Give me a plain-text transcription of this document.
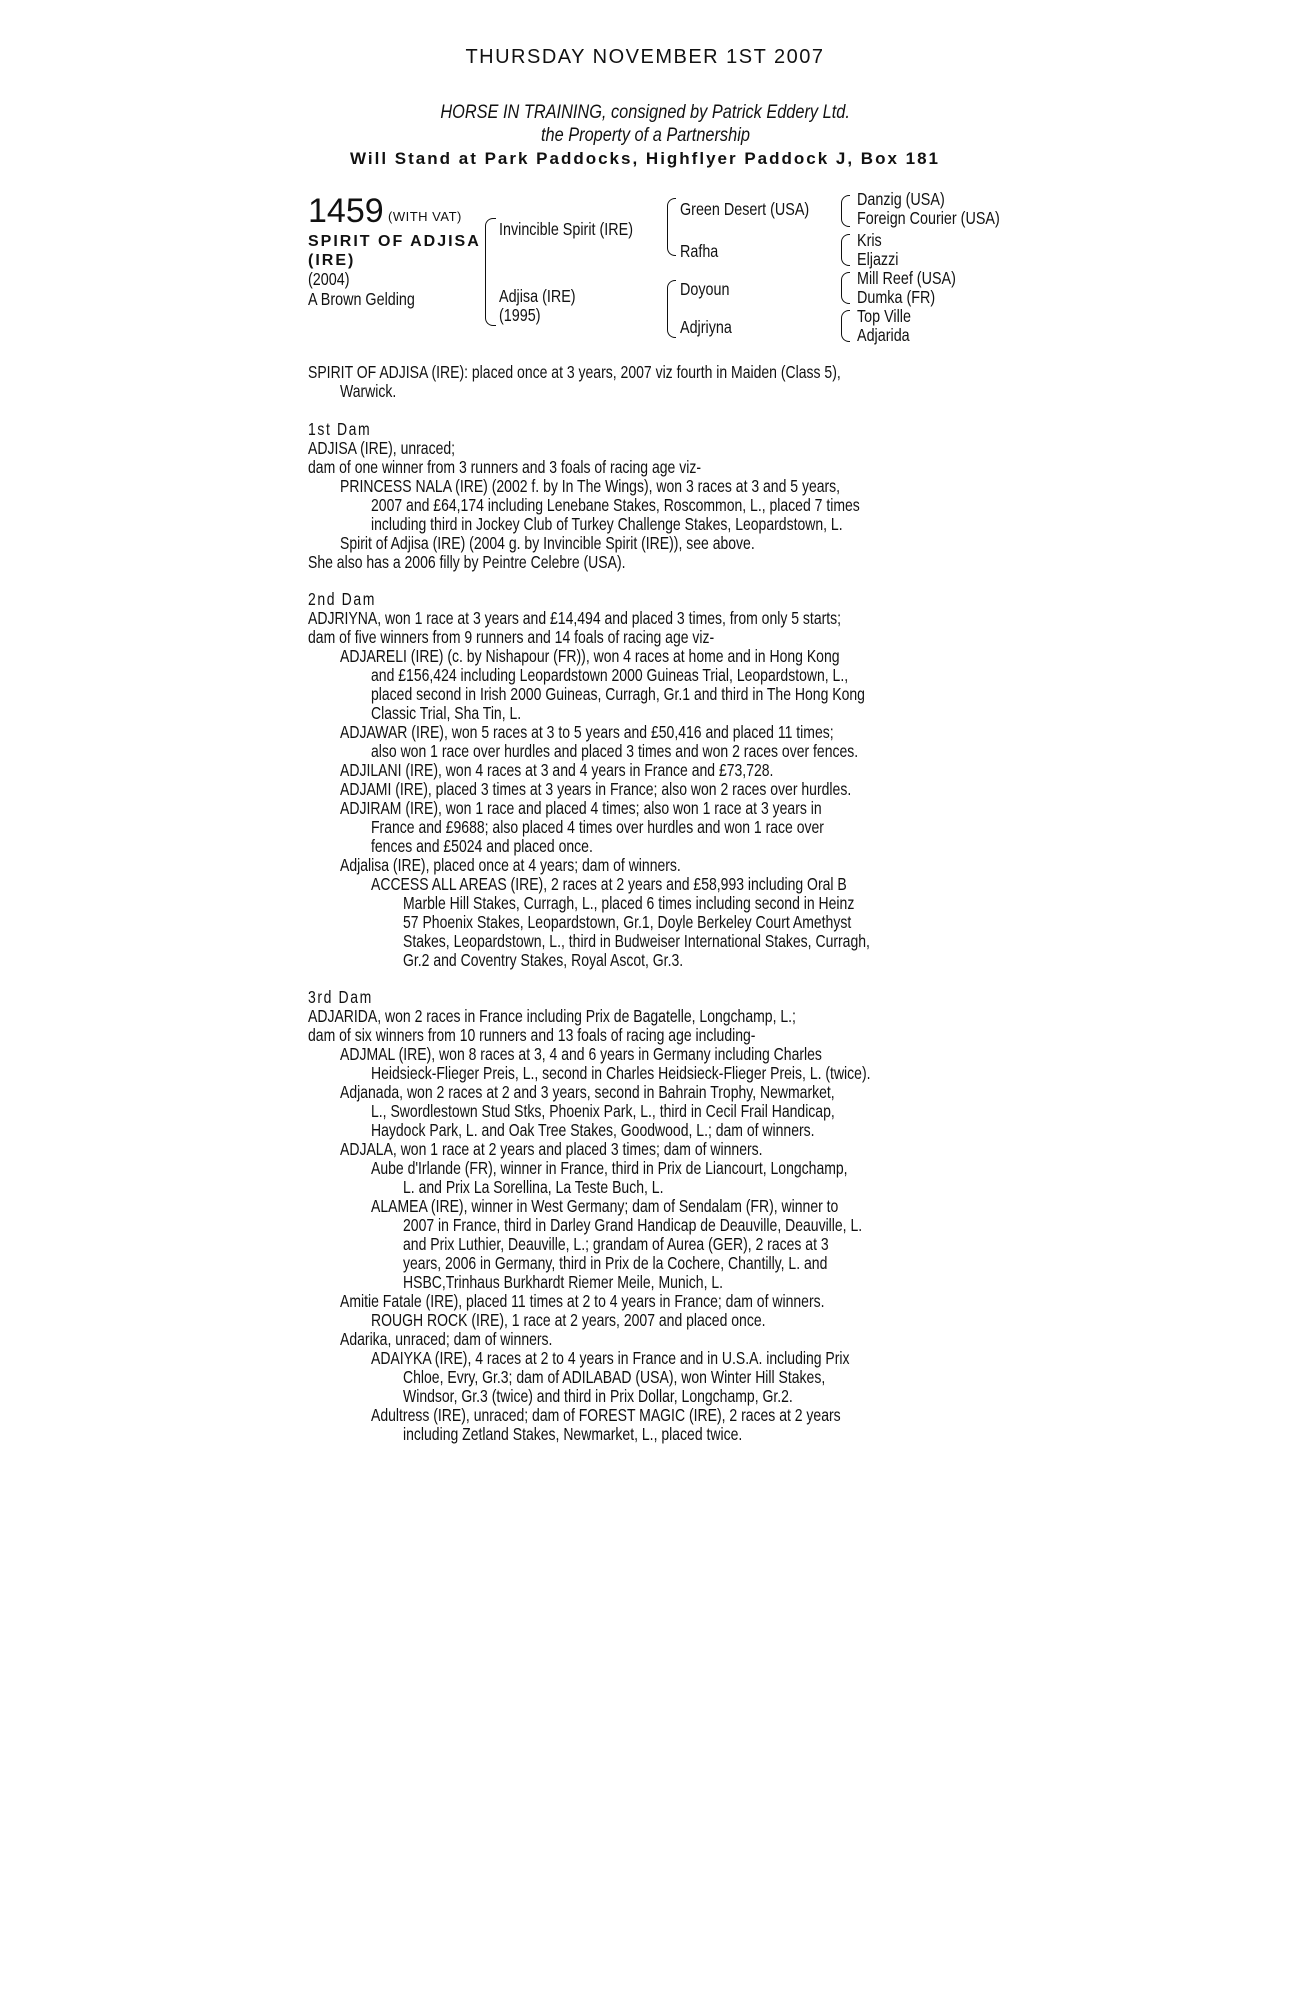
THURSDAY NOVEMBER 1ST 2007
HORSE IN TRAINING, consigned by Patrick Eddery Ltd.
the Property of a Partnership
Will Stand at Park Paddocks, Highflyer Paddock J, Box 181
1459 (WITH VAT)
SPIRIT OF ADJISA
(IRE)
(2004)
A Brown Gelding
Invincible Spirit (IRE)
Adjisa (IRE)
(1995)
Green Desert (USA)
Rafha
Doyoun
Adjriyna
Danzig (USA)
Foreign Courier (USA)
Kris
Eljazzi
Mill Reef (USA)
Dumka (FR)
Top Ville
Adjarida
SPIRIT OF ADJISA (IRE): placed once at 3 years, 2007 viz fourth in Maiden (Class 5),
Warwick.
1st Dam
ADJISA (IRE), unraced;
dam of one winner from 3 runners and 3 foals of racing age viz-
PRINCESS NALA (IRE) (2002 f. by In The Wings), won 3 races at 3 and 5 years,
2007 and £64,174 including Lenebane Stakes, Roscommon, L., placed 7 times
including third in Jockey Club of Turkey Challenge Stakes, Leopardstown, L.
Spirit of Adjisa (IRE) (2004 g. by Invincible Spirit (IRE)), see above.
She also has a 2006 filly by Peintre Celebre (USA).
2nd Dam
ADJRIYNA, won 1 race at 3 years and £14,494 and placed 3 times, from only 5 starts;
dam of five winners from 9 runners and 14 foals of racing age viz-
ADJARELI (IRE) (c. by Nishapour (FR)), won 4 races at home and in Hong Kong
and £156,424 including Leopardstown 2000 Guineas Trial, Leopardstown, L.,
placed second in Irish 2000 Guineas, Curragh, Gr.1 and third in The Hong Kong
Classic Trial, Sha Tin, L.
ADJAWAR (IRE), won 5 races at 3 to 5 years and £50,416 and placed 11 times;
also won 1 race over hurdles and placed 3 times and won 2 races over fences.
ADJILANI (IRE), won 4 races at 3 and 4 years in France and £73,728.
ADJAMI (IRE), placed 3 times at 3 years in France; also won 2 races over hurdles.
ADJIRAM (IRE), won 1 race and placed 4 times; also won 1 race at 3 years in
France and £9688; also placed 4 times over hurdles and won 1 race over
fences and £5024 and placed once.
Adjalisa (IRE), placed once at 4 years; dam of winners.
ACCESS ALL AREAS (IRE), 2 races at 2 years and £58,993 including Oral B
Marble Hill Stakes, Curragh, L., placed 6 times including second in Heinz
57 Phoenix Stakes, Leopardstown, Gr.1, Doyle Berkeley Court Amethyst
Stakes, Leopardstown, L., third in Budweiser International Stakes, Curragh,
Gr.2 and Coventry Stakes, Royal Ascot, Gr.3.
3rd Dam
ADJARIDA, won 2 races in France including Prix de Bagatelle, Longchamp, L.;
dam of six winners from 10 runners and 13 foals of racing age including-
ADJMAL (IRE), won 8 races at 3, 4 and 6 years in Germany including Charles
Heidsieck-Flieger Preis, L., second in Charles Heidsieck-Flieger Preis, L. (twice).
Adjanada, won 2 races at 2 and 3 years, second in Bahrain Trophy, Newmarket,
L., Swordlestown Stud Stks, Phoenix Park, L., third in Cecil Frail Handicap,
Haydock Park, L. and Oak Tree Stakes, Goodwood, L.; dam of winners.
ADJALA, won 1 race at 2 years and placed 3 times; dam of winners.
Aube d'Irlande (FR), winner in France, third in Prix de Liancourt, Longchamp,
L. and Prix La Sorellina, La Teste Buch, L.
ALAMEA (IRE), winner in West Germany; dam of Sendalam (FR), winner to
2007 in France, third in Darley Grand Handicap de Deauville, Deauville, L.
and Prix Luthier, Deauville, L.; grandam of Aurea (GER), 2 races at 3
years, 2006 in Germany, third in Prix de la Cochere, Chantilly, L. and
HSBC,Trinhaus Burkhardt Riemer Meile, Munich, L.
Amitie Fatale (IRE), placed 11 times at 2 to 4 years in France; dam of winners.
ROUGH ROCK (IRE), 1 race at 2 years, 2007 and placed once.
Adarika, unraced; dam of winners.
ADAIYKA (IRE), 4 races at 2 to 4 years in France and in U.S.A. including Prix
Chloe, Evry, Gr.3; dam of ADILABAD (USA), won Winter Hill Stakes,
Windsor, Gr.3 (twice) and third in Prix Dollar, Longchamp, Gr.2.
Adultress (IRE), unraced; dam of FOREST MAGIC (IRE), 2 races at 2 years
including Zetland Stakes, Newmarket, L., placed twice.
